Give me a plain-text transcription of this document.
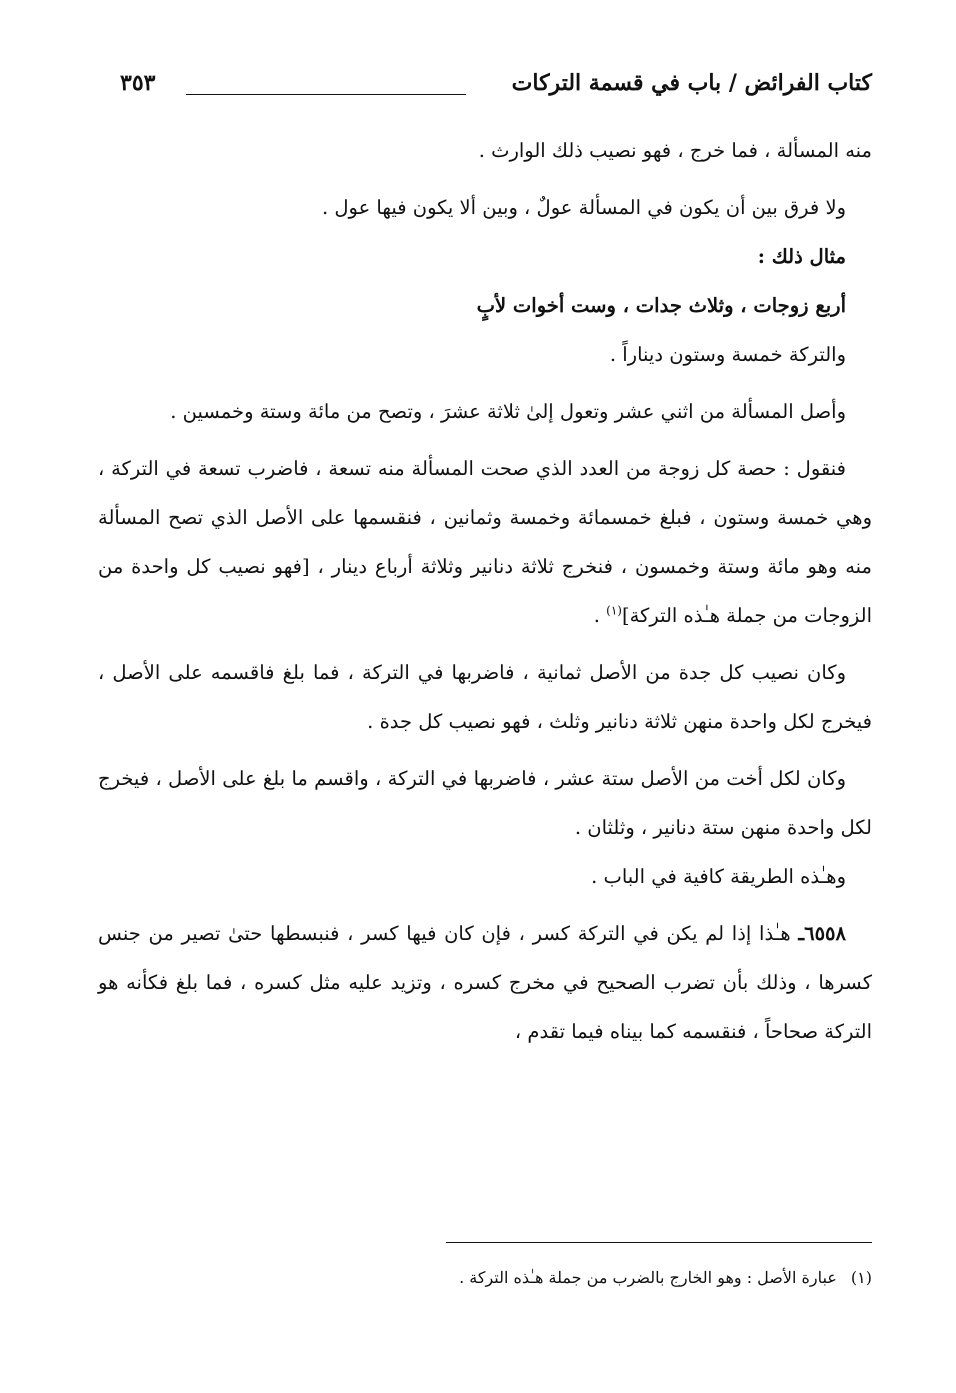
كتاب الفرائض / باب في قسمة التركات
٣٥٣

منه المسألة ، فما خرج ، فهو نصيب ذلك الوارث .

ولا فرق بين أن يكون في المسألة عولٌ ، وبين ألا يكون فيها عول .

مثال ذلك :

أربع زوجات ، وثلاث جدات ، وست أخوات لأبٍ

والتركة خمسة وستون ديناراً .

وأصل المسألة من اثني عشر وتعول إلىٰ ثلاثة عشرَ ، وتصح من مائة وستة وخمسين .

فنقول : حصة كل زوجة من العدد الذي صحت المسألة منه تسعة ، فاضرب تسعة في التركة ، وهي خمسة وستون ، فبلغ خمسمائة وخمسة وثمانين ، فنقسمها على الأصل الذي تصح المسألة منه وهو مائة وستة وخمسون ، فنخرج ثلاثة دنانير وثلاثة أرباع دينار ، [فهو نصيب كل واحدة من الزوجات من جملة هـٰذه التركة]$^{(١)}$ .

وكان نصيب كل جدة من الأصل ثمانية ، فاضربها في التركة ، فما بلغ فاقسمه على الأصل ، فيخرج لكل واحدة منهن ثلاثة دنانير وثلث ، فهو نصيب كل جدة .

وكان لكل أخت من الأصل ستة عشر ، فاضربها في التركة ، واقسم ما بلغ على الأصل ، فيخرج لكل واحدة منهن ستة دنانير ، وثلثان .

وهـٰذه الطريقة كافية في الباب .

٦٥٥٨ـ هـٰذا إذا لم يكن في التركة كسر ، فإن كان فيها كسر ، فنبسطها حتىٰ تصير من جنس كسرها ، وذلك بأن تضرب الصحيح في مخرج كسره ، وتزيد عليه مثل كسره ، فما بلغ فكأنه هو التركة صحاحاً ، فنقسمه كما بيناه فيما تقدم ،

(١)عبارة الأصل : وهو الخارج بالضرب من جملة هـٰذه التركة .
